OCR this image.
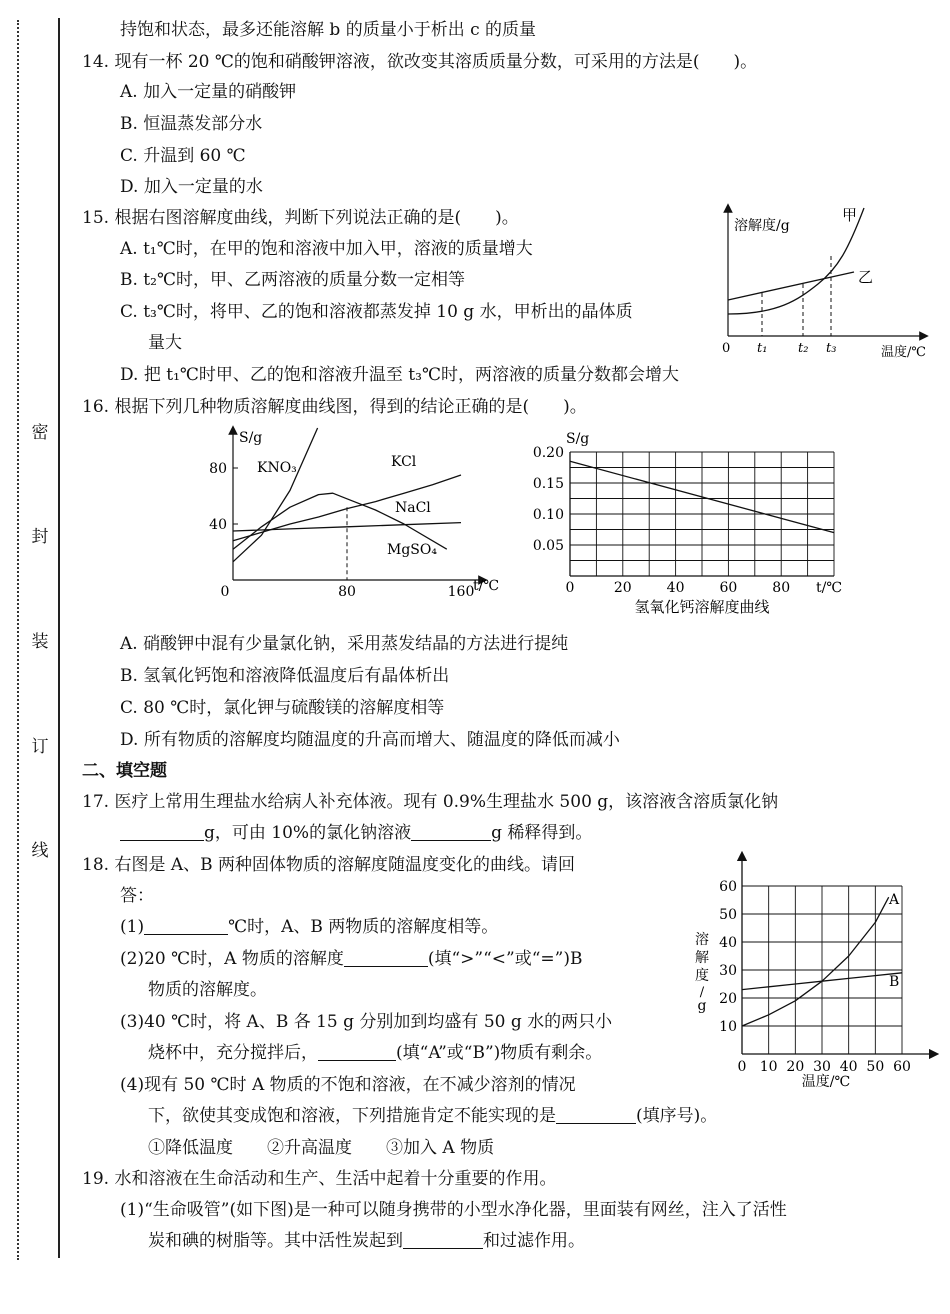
密
封
装
订
线
持饱和状态，最多还能溶解 b 的质量小于析出 c 的质量
14. 现有一杯 20 ℃的饱和硝酸钾溶液，欲改变其溶质质量分数，可采用的方法是(　　)。
A. 加入一定量的硝酸钾
B. 恒温蒸发部分水
C. 升温到 60 ℃
D. 加入一定量的水
15. 根据右图溶解度曲线，判断下列说法正确的是(　　)。
A. t₁℃时，在甲的饱和溶液中加入甲，溶液的质量增大
B. t₂℃时，甲、乙两溶液的质量分数一定相等
C. t₃℃时，将甲、乙的饱和溶液都蒸发掉 10 g 水，甲析出的晶体质
量大
D. 把 t₁℃时甲、乙的饱和溶液升温至 t₃℃时，两溶液的质量分数都会增大
16. 根据下列几种物质溶解度曲线图，得到的结论正确的是(　　)。
A. 硝酸钾中混有少量氯化钠，采用蒸发结晶的方法进行提纯
B. 氢氧化钙饱和溶液降低温度后有晶体析出
C. 80 ℃时，氯化钾与硫酸镁的溶解度相等
D. 所有物质的溶解度均随温度的升高而增大、随温度的降低而减小
17. 医疗上常用生理盐水给病人补充体液。现有 0.9%生理盐水 500 g，该溶液含溶质氯化钠
18. 右图是 A、B 两种固体物质的溶解度随温度变化的曲线。请回
答：
物质的溶解度。
(3)40 ℃时，将 A、B 各 15 g 分别加到均盛有 50 g 水的两只小
(4)现有 50 ℃时 A 物质的不饱和溶液，在不减少溶剂的情况
①降低温度　　②升高温度　　③加入 A 物质
19. 水和溶液在生命活动和生产、生活中起着十分重要的作用。
(1)“生命吸管”(如下图)是一种可以随身携带的小型水净化器，里面装有网丝，注入了活性
二、填空题
g，可由 10%的氯化钠溶液	g 稀释得到。
(1)	℃时，A、B 两物质的溶解度相等。
(2)20 ℃时，A 物质的溶解度	(填“>”“<”或“=”)B
烧杯中，充分搅拌后，	(填“A”或“B”)物质有剩余。
下，欲使其变成饱和溶液，下列措施肯定不能实现的是	(填序号)。
炭和碘的树脂等。其中活性炭起到	和过滤作用。
溶解度/g
温度/℃
0 t₁ t₂ t₃
甲
乙
40
80
0	80	160
KNO₃	KCl
NaCl
MgSO₄
S/g
t/℃
0.05
0.10
0.15
0.20
0	20 40 60 80
S/g
t/℃
氢氧化钙溶解度曲线
10
20
30
40
50
60
0 10 20 30 40 50 60
A
B
溶
解
度
/
g
温度/℃
